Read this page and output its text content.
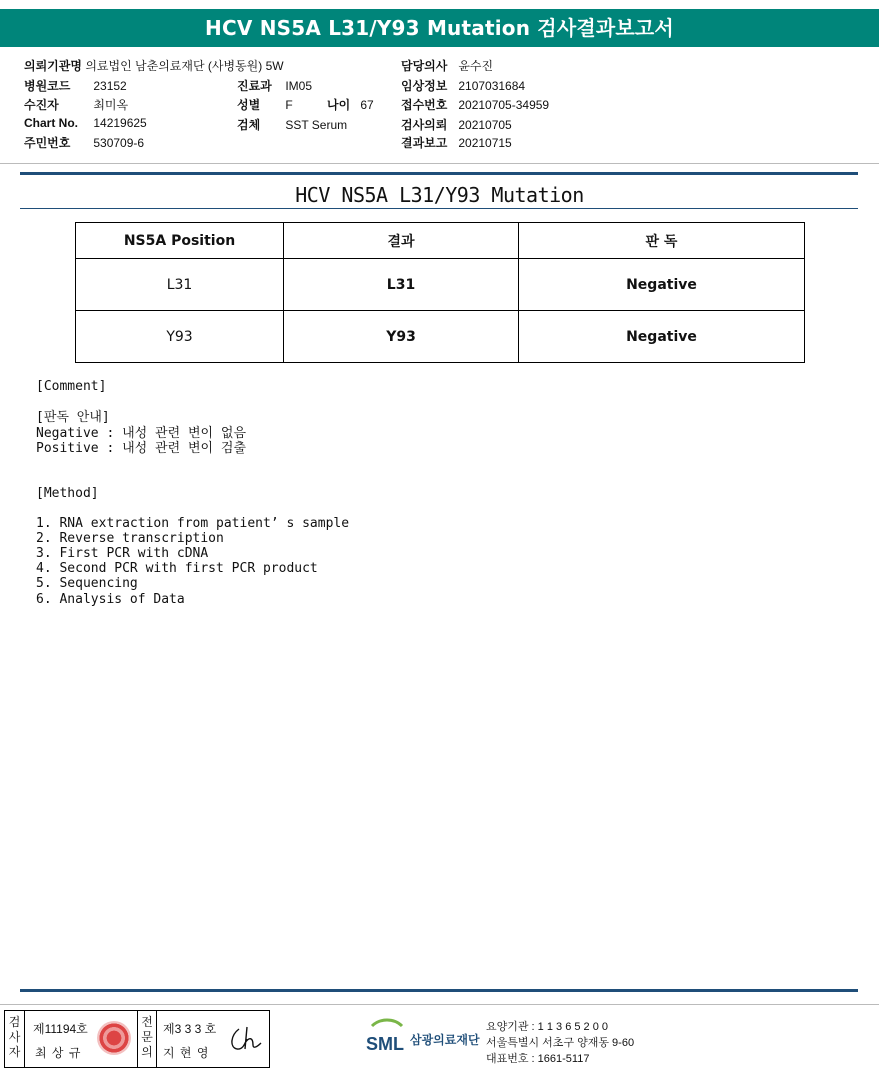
HCV NS5A L31/Y93 Mutation 검사결과보고서
의뢰기관명 의료법인 남춘의료재단 (사병동원) 5W
병원코드 23152
수진자	최미옥
Chart No. 14219625
주민번호 530709-6
진료과 IM05
성별 F	나이 67
검체 SST Serum
담당의사 윤수진
임상정보 2107031684
접수번호 20210705-34959
검사의뢰 20210705
결과보고 20210715
HCV NS5A L31/Y93 Mutation
NS5A Position	결과	판 독
L31	L31	Negative
Y93	Y93	Negative
[Comment]
[판독 안내]
Negative : 내성 관련 변이 없음
Positive : 내성 관련 변이 검출
[Method]
1. RNA extraction from patient’ s sample
2. Reverse transcription
3. First PCR with cDNA
4. Second PCR with first PCR product
5. Sequencing
6. Analysis of Data
검
사
자
제11194호
최 상 규
전
문
의
제3 3 3 호
지 현 영	SML 삼광의료재단
요양기관 : 1 1 3 6 5 2 0 0
서울특별시 서초구 양재동 9-60
대표번호 : 1661-5117
